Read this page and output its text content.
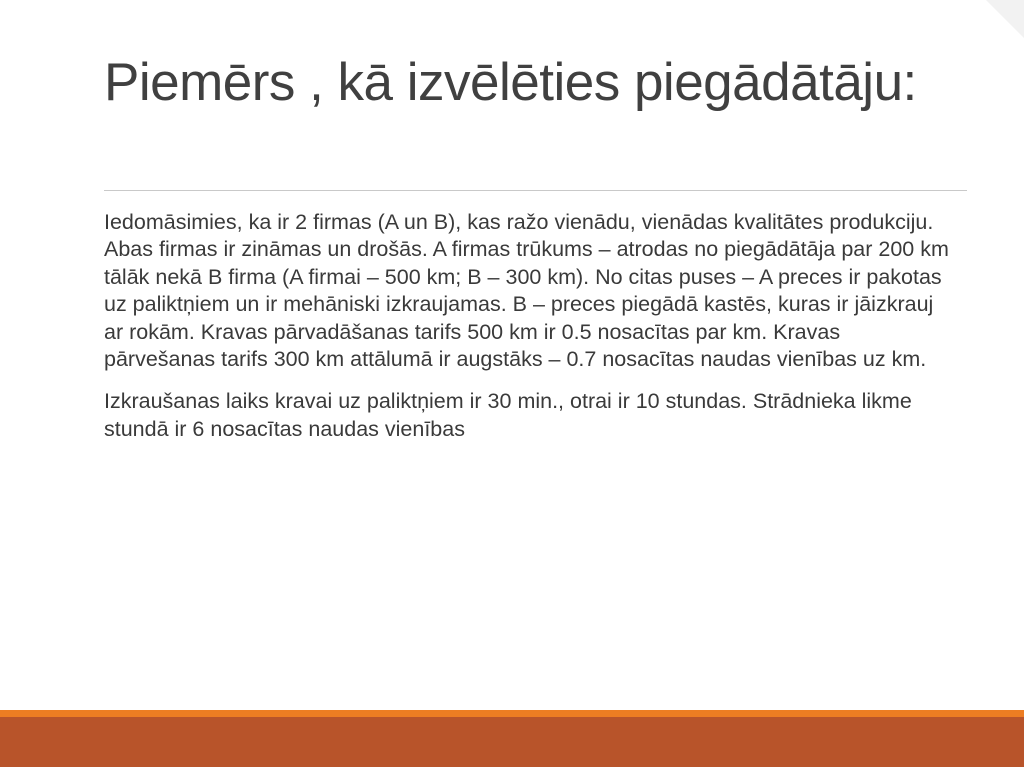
Piemērs , kā izvēlēties piegādātāju:

Iedomāsimies, ka ir 2 firmas (A un B), kas ražo vienādu, vienādas kvalitātes produkciju. Abas firmas ir zināmas un drošās. A firmas trūkums – atrodas no piegādātāja par 200 km tālāk nekā B firma (A firmai – 500 km; B – 300 km). No citas puses – A preces ir pakotas uz paliktņiem un ir mehāniski izkraujamas. B – preces piegādā kastēs, kuras ir jāizkrauj ar rokām. Kravas pārvadāšanas tarifs 500 km ir 0.5 nosacītas par km. Kravas pārvešanas tarifs 300 km attālumā ir augstāks – 0.7 nosacītas naudas vienības uz km.

Izkraušanas laiks kravai uz paliktņiem ir 30 min., otrai ir 10 stundas. Strādnieka likme stundā ir 6 nosacītas naudas vienības
